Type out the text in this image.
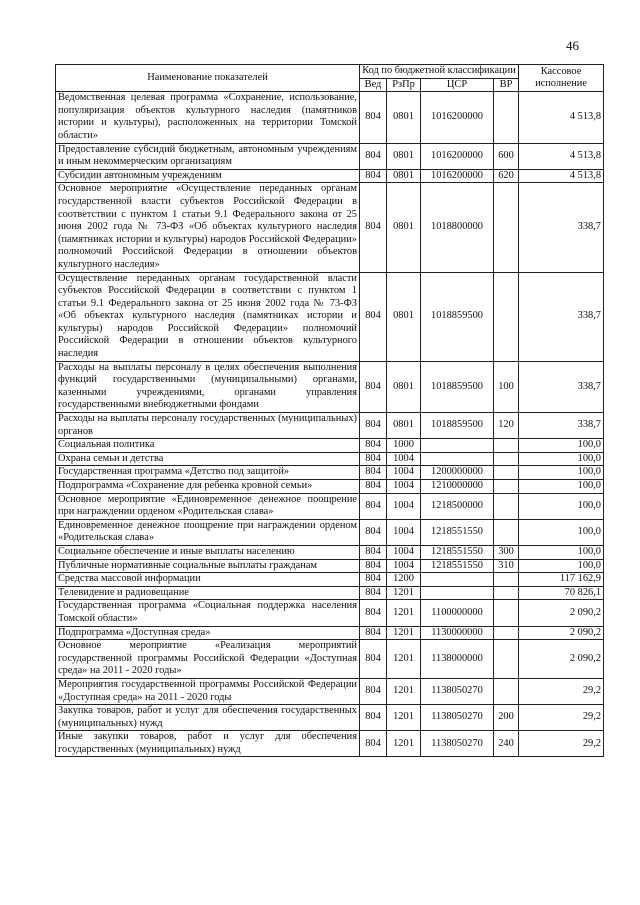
46
Наименование показателей	Код по бюджетной классификации				Кассовое исполнение
	Вед	РзПр	ЦСР	ВР	
Ведомственная целевая программа «Сохранение, использование, популяризация объектов культурного наследия (памятников истории и культуры), расположенных на территории Томской области»	804	0801	1016200000		4 513,8
Предоставление субсидий бюджетным, автономным учреждениям и иным некоммерческим организациям	804	0801	1016200000	600	4 513,8
Субсидии автономным учреждениям	804	0801	1016200000	620	4 513,8
Основное мероприятие «Осуществление переданных органам государственной власти субъектов Российской Федерации в соответствии с пунктом 1 статьи 9.1 Федерального закона от 25 июня 2002 года № 73-ФЗ «Об объектах культурного наследия (памятниках истории и культуры) народов Российской Федерации» полномочий Российской Федерации в отношении объектов культурного наследия»	804	0801	1018800000		338,7
Осуществление переданных органам государственной власти субъектов Российской Федерации в соответствии с пунктом 1 статьи 9.1 Федерального закона от 25 июня 2002 года № 73-ФЗ «Об объектах культурного наследия (памятниках истории и культуры) народов Российской Федерации» полномочий Российской Федерации в отношении объектов культурного наследия	804	0801	1018859500		338,7
Расходы на выплаты персоналу в целях обеспечения выполнения функций государственными (муниципальными) органами, казенными учреждениями, органами управления государственными внебюджетными фондами	804	0801	1018859500	100	338,7
Расходы на выплаты персоналу государственных (муниципальных) органов	804	0801	1018859500	120	338,7
Социальная политика	804	1000			100,0
Охрана семьи и детства	804	1004			100,0
Государственная программа «Детство под защитой»	804	1004	1200000000		100,0
Подпрограмма «Сохранение для ребенка кровной семьи»	804	1004	1210000000		100,0
Основное мероприятие «Единовременное денежное поощрение при награждении орденом «Родительская слава»	804	1004	1218500000		100,0
Единовременное денежное поощрение при награждении орденом «Родительская слава»	804	1004	1218551550		100,0
Социальное обеспечение и иные выплаты населению	804	1004	1218551550	300	100,0
Публичные нормативные социальные выплаты гражданам	804	1004	1218551550	310	100,0
Средства массовой информации	804	1200			117 162,9
Телевидение и радиовещание	804	1201			70 826,1
Государственная программа «Социальная поддержка населения Томской области»	804	1201	1100000000		2 090,2
Подпрограмма «Доступная среда»	804	1201	1130000000		2 090,2
Основное мероприятие «Реализация мероприятий государственной программы Российской Федерации «Доступная среда» на 2011 - 2020 годы»	804	1201	1138000000		2 090,2
Мероприятия государственной программы Российской Федерации «Доступная среда» на 2011 - 2020 годы	804	1201	1138050270		29,2
Закупка товаров, работ и услуг для обеспечения государственных (муниципальных) нужд	804	1201	1138050270	200	29,2
Иные закупки товаров, работ и услуг для обеспечения государственных (муниципальных) нужд	804	1201	1138050270	240	29,2
